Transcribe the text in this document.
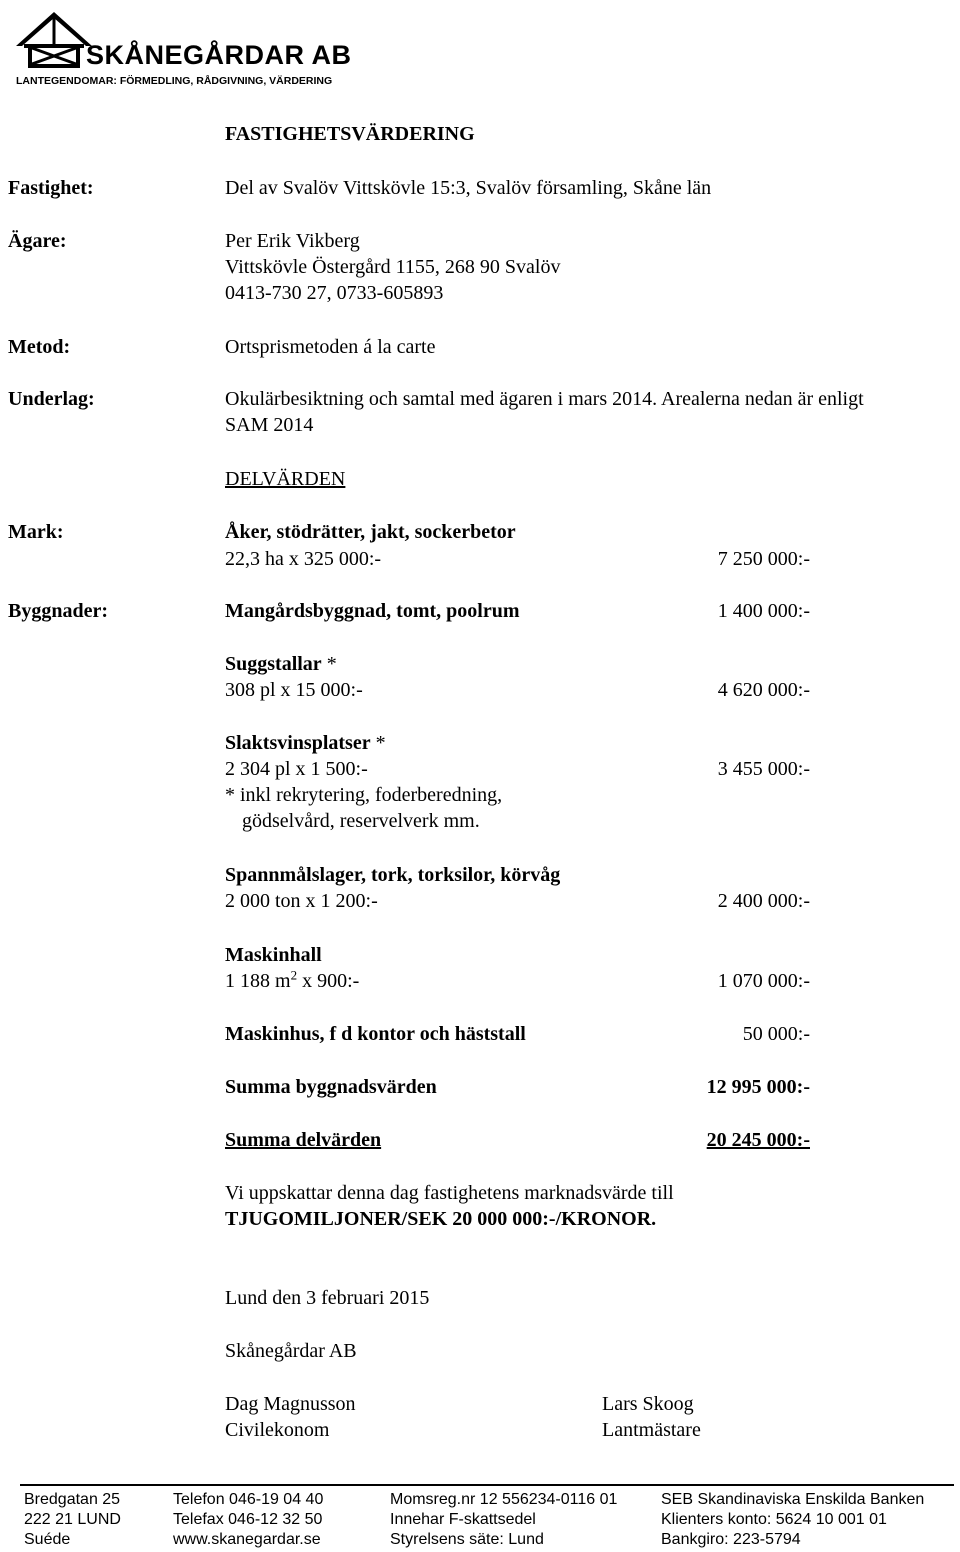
SKÅNEGÅRDAR AB
LANTEGENDOMAR: FÖRMEDLING, RÅDGIVNING, VÄRDERING
FASTIGHETSVÄRDERING
Fastighet:	Del av Svalöv Vittskövle 15:3, Svalöv församling, Skåne län
Ägare:	Per Erik Vikberg
Vittskövle Östergård 1155, 268 90 Svalöv
0413-730 27, 0733-605893
Metod:	Ortsprismetoden á la carte
Underlag:	Okulärbesiktning och samtal med ägaren i mars 2014. Arealerna nedan är enligt
SAM 2014
DELVÄRDEN
Mark:	Åker, stödrätter, jakt, sockerbetor
22,3 ha x 325 000:-	7 250 000:-
Byggnader:	Mangårdsbyggnad, tomt, poolrum	1 400 000:-
Suggstallar *
308 pl x 15 000:-	4 620 000:-
Slaktsvinsplatser *
2 304 pl x 1 500:-	3 455 000:-
* inkl rekrytering, foderberedning,
gödselvård, reservelverk mm.
Spannmålslager, tork, torksilor, körvåg
2 000 ton x 1 200:-	2 400 000:-
Maskinhall
1 188 $m^2$ x 900:-	1 070 000:-
Maskinhus, f d kontor och häststall	50 000:-
Summa byggnadsvärden	12 995 000:-
Summa delvärden	20 245 000:-
Vi uppskattar denna dag fastighetens marknadsvärde till
TJUGOMILJONER/SEK 20 000 000:-/KRONOR.
Lund den 3 februari 2015
Skånegårdar AB
Dag Magnusson
Civilekonom
Lars Skoog
Lantmästare
Bredgatan 25
222 21 LUND
Suéde
Telefon 046-19 04 40
Telefax 046-12 32 50
www.skanegardar.se
Momsreg.nr 12 556234-0116 01
Innehar F-skattsedel
Styrelsens säte: Lund
SEB Skandinaviska Enskilda Banken
Klienters konto: 5624 10 001 01
Bankgiro: 223-5794
